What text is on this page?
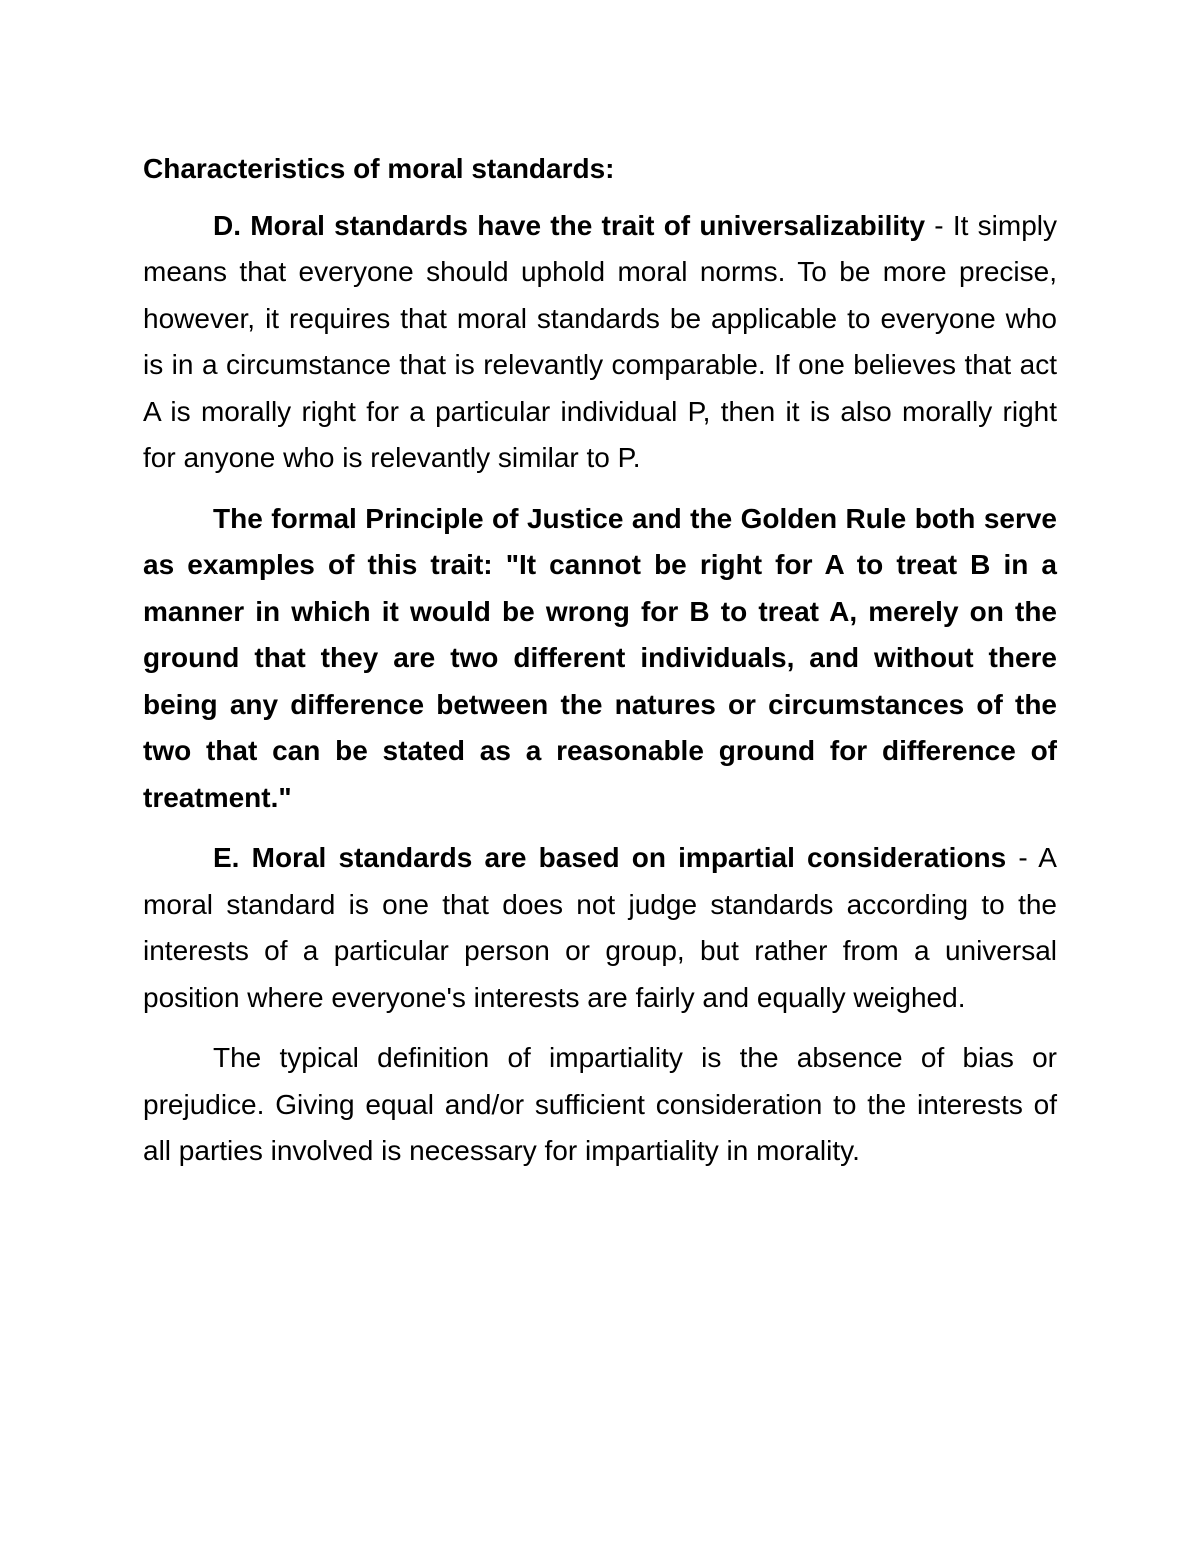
Characteristics of moral standards:

D. Moral standards have the trait of universalizability - It simply means that everyone should uphold moral norms. To be more precise, however, it requires that moral standards be applicable to everyone who is in a circumstance that is relevantly comparable. If one believes that act A is morally right for a particular individual P, then it is also morally right for anyone who is relevantly similar to P.

The formal Principle of Justice and the Golden Rule both serve as examples of this trait: "It cannot be right for A to treat B in a manner in which it would be wrong for B to treat A, merely on the ground that they are two different individuals, and without there being any difference between the natures or circumstances of the two that can be stated as a reasonable ground for difference of treatment."

E. Moral standards are based on impartial considerations - A moral standard is one that does not judge standards according to the interests of a particular person or group, but rather from a universal position where everyone's interests are fairly and equally weighed.

The typical definition of impartiality is the absence of bias or prejudice. Giving equal and/or sufficient consideration to the interests of all parties involved is necessary for impartiality in morality.
